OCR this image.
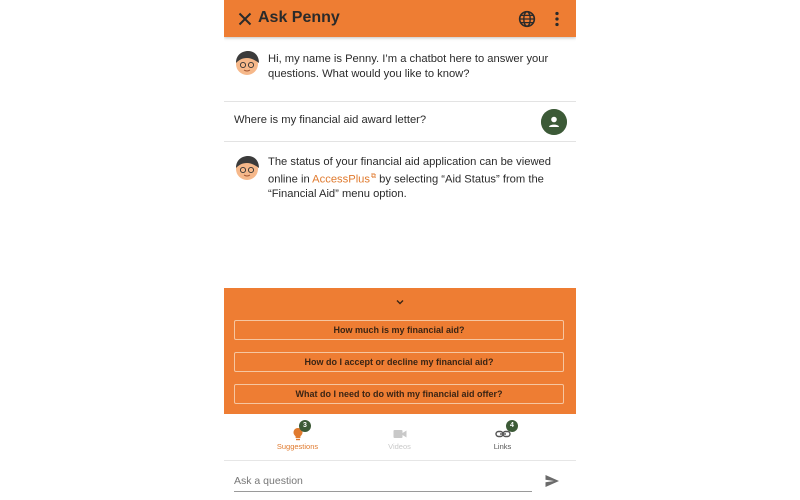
Ask Penny
Hi, my name is Penny. I’m a chatbot here to answer your questions. What would you like to know?
Where is my financial aid award letter?
The status of your financial aid application can be viewed online in AccessPlus⧉ by selecting “Aid Status” from the “Financial Aid” menu option.
How much is my financial aid?
How do I accept or decline my financial aid?
What do I need to do with my financial aid offer?
3
Suggestions	Videos
4
Links
Ask a question
